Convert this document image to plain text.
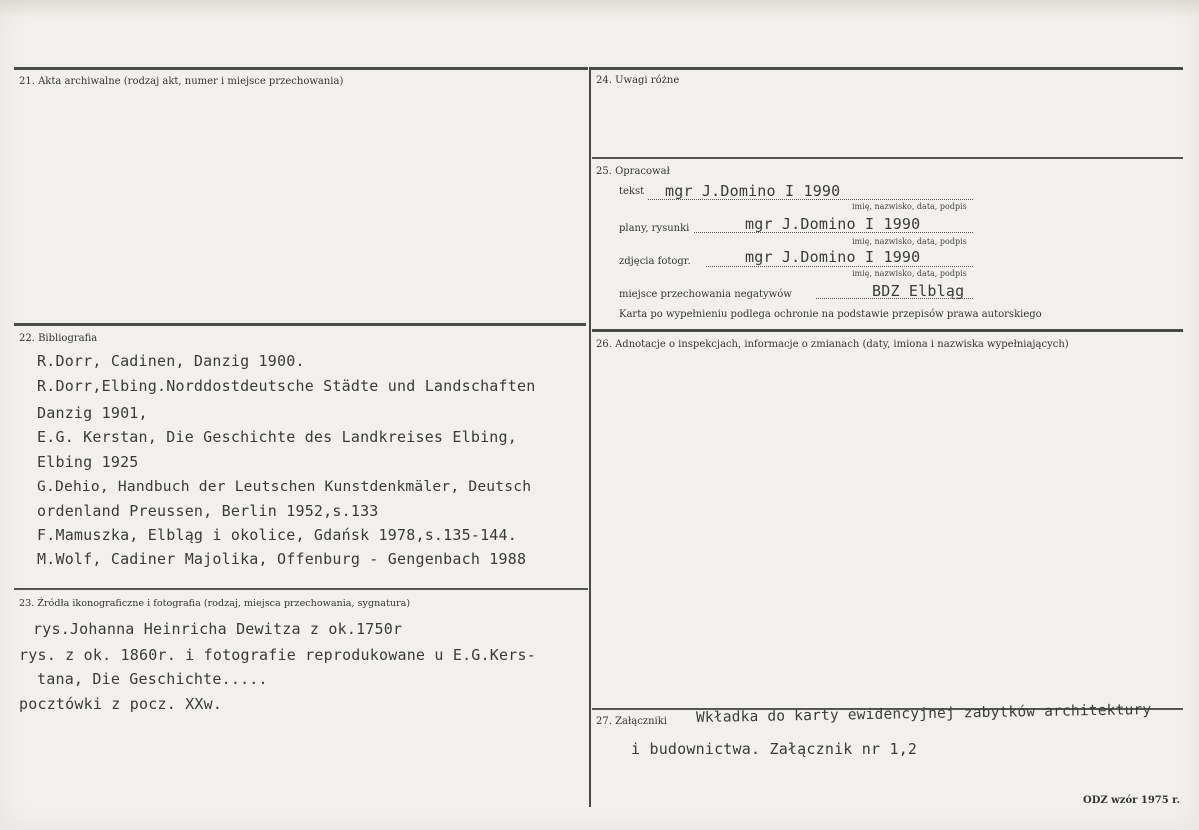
21. Akta archiwalne (rodzaj akt, numer i miejsce przechowania)
22. Bibliografia
R.Dorr, Cadinen, Danzig 1900.
R.Dorr,Elbing.Norddostdeutsche Städte und Landschaften
Danzig 1901,
E.G. Kerstan, Die Geschichte des Landkreises Elbing,
Elbing 1925
G.Dehio, Handbuch der Leutschen Kunstdenkmäler, Deutsch
ordenland Preussen, Berlin 1952,s.133
F.Mamuszka, Elbląg i okolice, Gdańsk 1978,s.135-144.
M.Wolf, Cadiner Majolika, Offenburg - Gengenbach 1988
23. Źródła ikonograficzne i fotografia (rodzaj, miejsca przechowania, sygnatura)
rys.Johanna Heinricha Dewitza z ok.1750r
rys. z ok. 1860r. i fotografie reprodukowane u E.G.Kers-
tana, Die Geschichte.....
pocztówki z pocz. XXw.
24. Uwagi różne
25. Opracował
tekst mgr J.Domino I 1990
imię, nazwisko, data, podpis
plany, rysunki	mgr J.Domino I 1990
imię, nazwisko, data, podpis
zdjęcia fotogr.	mgr J.Domino I 1990
imię, nazwisko, data, podpis
miejsce przechowania negatywów	BDZ Elbląg
Karta po wypełnieniu podlega ochronie na podstawie przepisów prawa autorskiego
26. Adnotacje o inspekcjach, informacje o zmianach (daty, imiona i nazwiska wypełniających)
27. Załączniki Wkładka do karty ewidencyjnej zabytków architektury
i budownictwa. Załącznik nr 1,2
ODZ wzór 1975 r.
